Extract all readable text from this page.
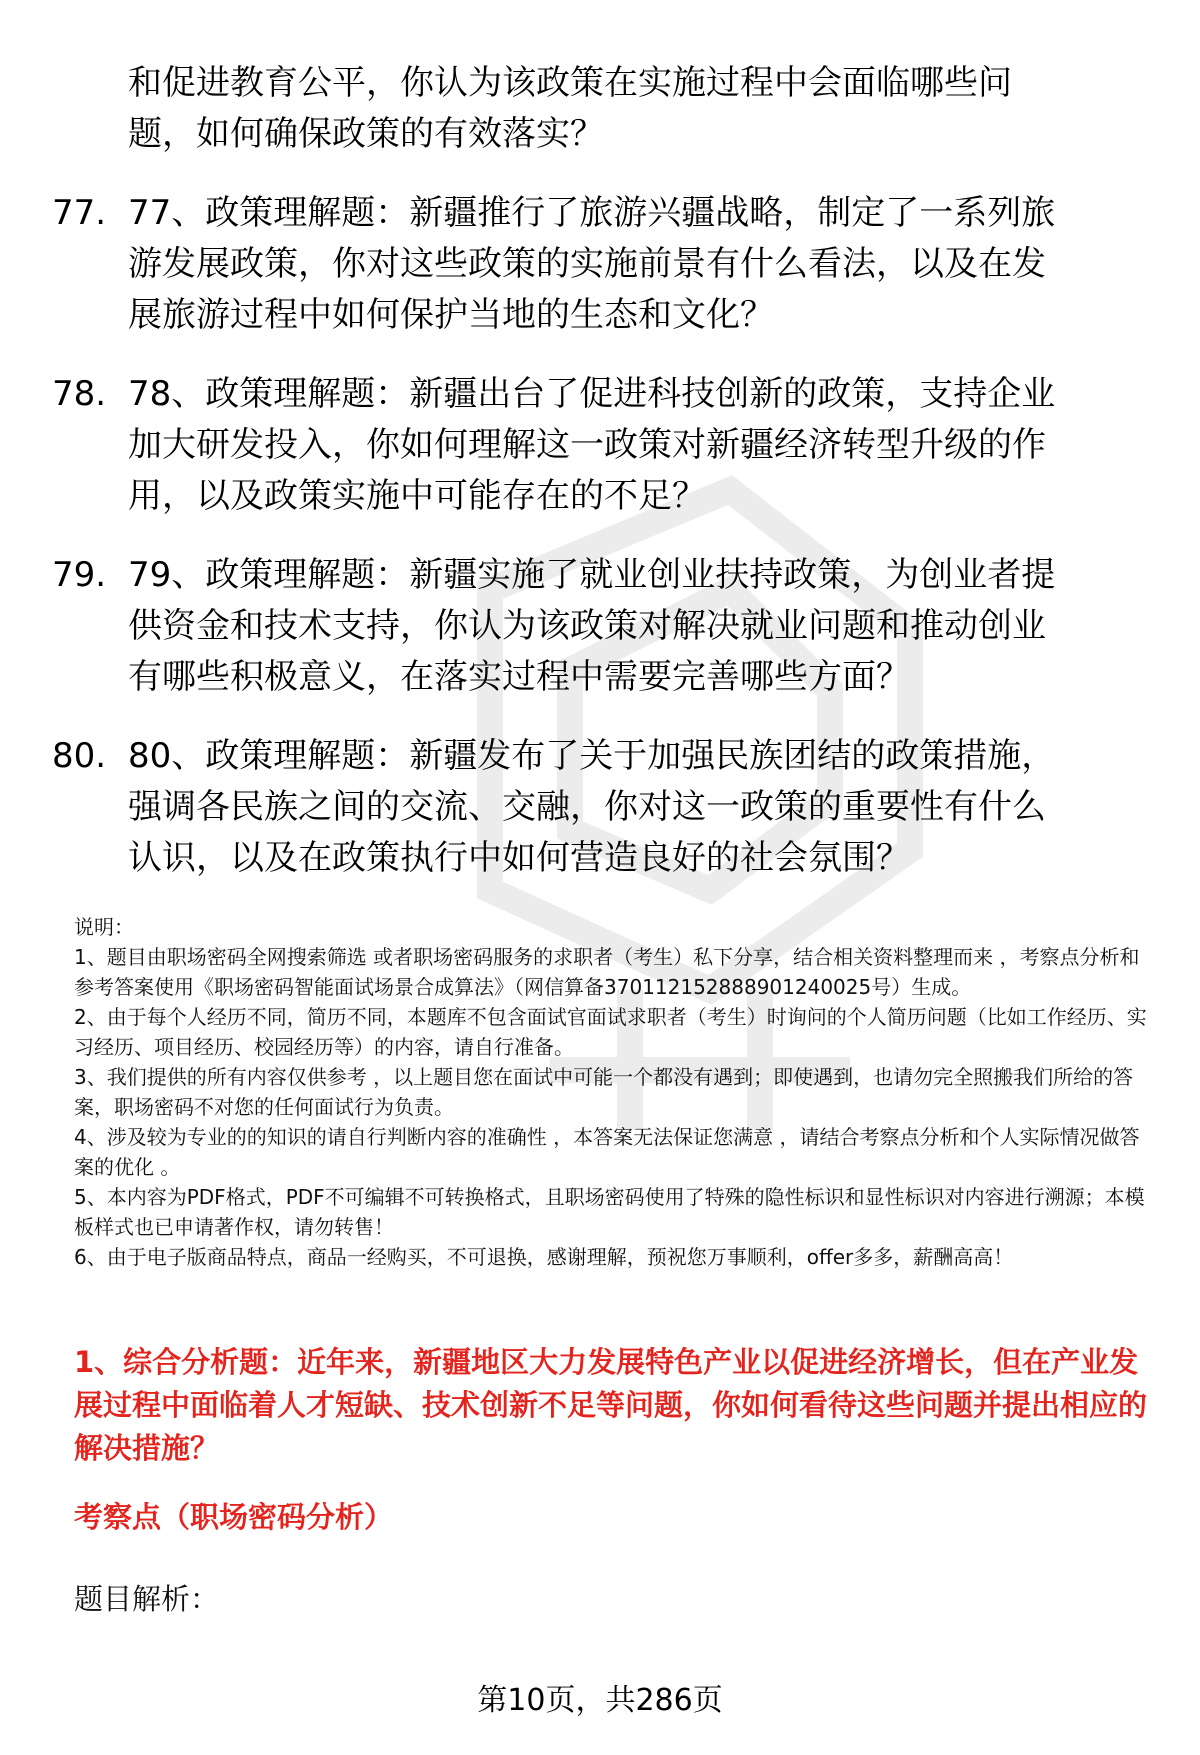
和促进教育公平，你认为该政策在实施过程中会面临哪些问题，如何确保政策的有效落实？
77. 77、政策理解题：新疆推行了旅游兴疆战略，制定了一系列旅游发展政策，你对这些政策的实施前景有什么看法，以及在发展旅游过程中如何保护当地的生态和文化？
78. 78、政策理解题：新疆出台了促进科技创新的政策，支持企业加大研发投入，你如何理解这一政策对新疆经济转型升级的作用，以及政策实施中可能存在的不足？
79. 79、政策理解题：新疆实施了就业创业扶持政策，为创业者提供资金和技术支持，你认为该政策对解决就业问题和推动创业有哪些积极意义，在落实过程中需要完善哪些方面？
80. 80、政策理解题：新疆发布了关于加强民族团结的政策措施，强调各民族之间的交流、交融，你对这一政策的重要性有什么认识，以及在政策执行中如何营造良好的社会氛围？

说明：

1、题目由职场密码全网搜索筛选 或者职场密码服务的求职者（考生）私下分享，结合相关资料整理而来 ，考察点分析和参考答案使用《职场密码智能面试场景合成算法》（网信算备370112152888901240025号）生成。

2、由于每个人经历不同，简历不同，本题库不包含面试官面试求职者（考生）时询问的个人简历问题（比如工作经历、实习经历、项目经历、校园经历等）的内容，请自行准备。

3、我们提供的所有内容仅供参考 ，以上题目您在面试中可能一个都没有遇到；即使遇到，也请勿完全照搬我们所给的答案，职场密码不对您的任何面试行为负责。

4、涉及较为专业的的知识的请自行判断内容的准确性 ，本答案无法保证您满意 ，请结合考察点分析和个人实际情况做答案的优化 。

5、本内容为PDF格式，PDF不可编辑不可转换格式，且职场密码使用了特殊的隐性标识和显性标识对内容进行溯源；本模板样式也已申请著作权，请勿转售！

6、由于电子版商品特点，商品一经购买，不可退换，感谢理解，预祝您万事顺利，offer多多，薪酬高高！

1、综合分析题：近年来，新疆地区大力发展特色产业以促进经济增长，但在产业发展过程中面临着人才短缺、技术创新不足等问题，你如何看待这些问题并提出相应的解决措施？
考察点（职场密码分析）
题目解析：
第10页，共286页
